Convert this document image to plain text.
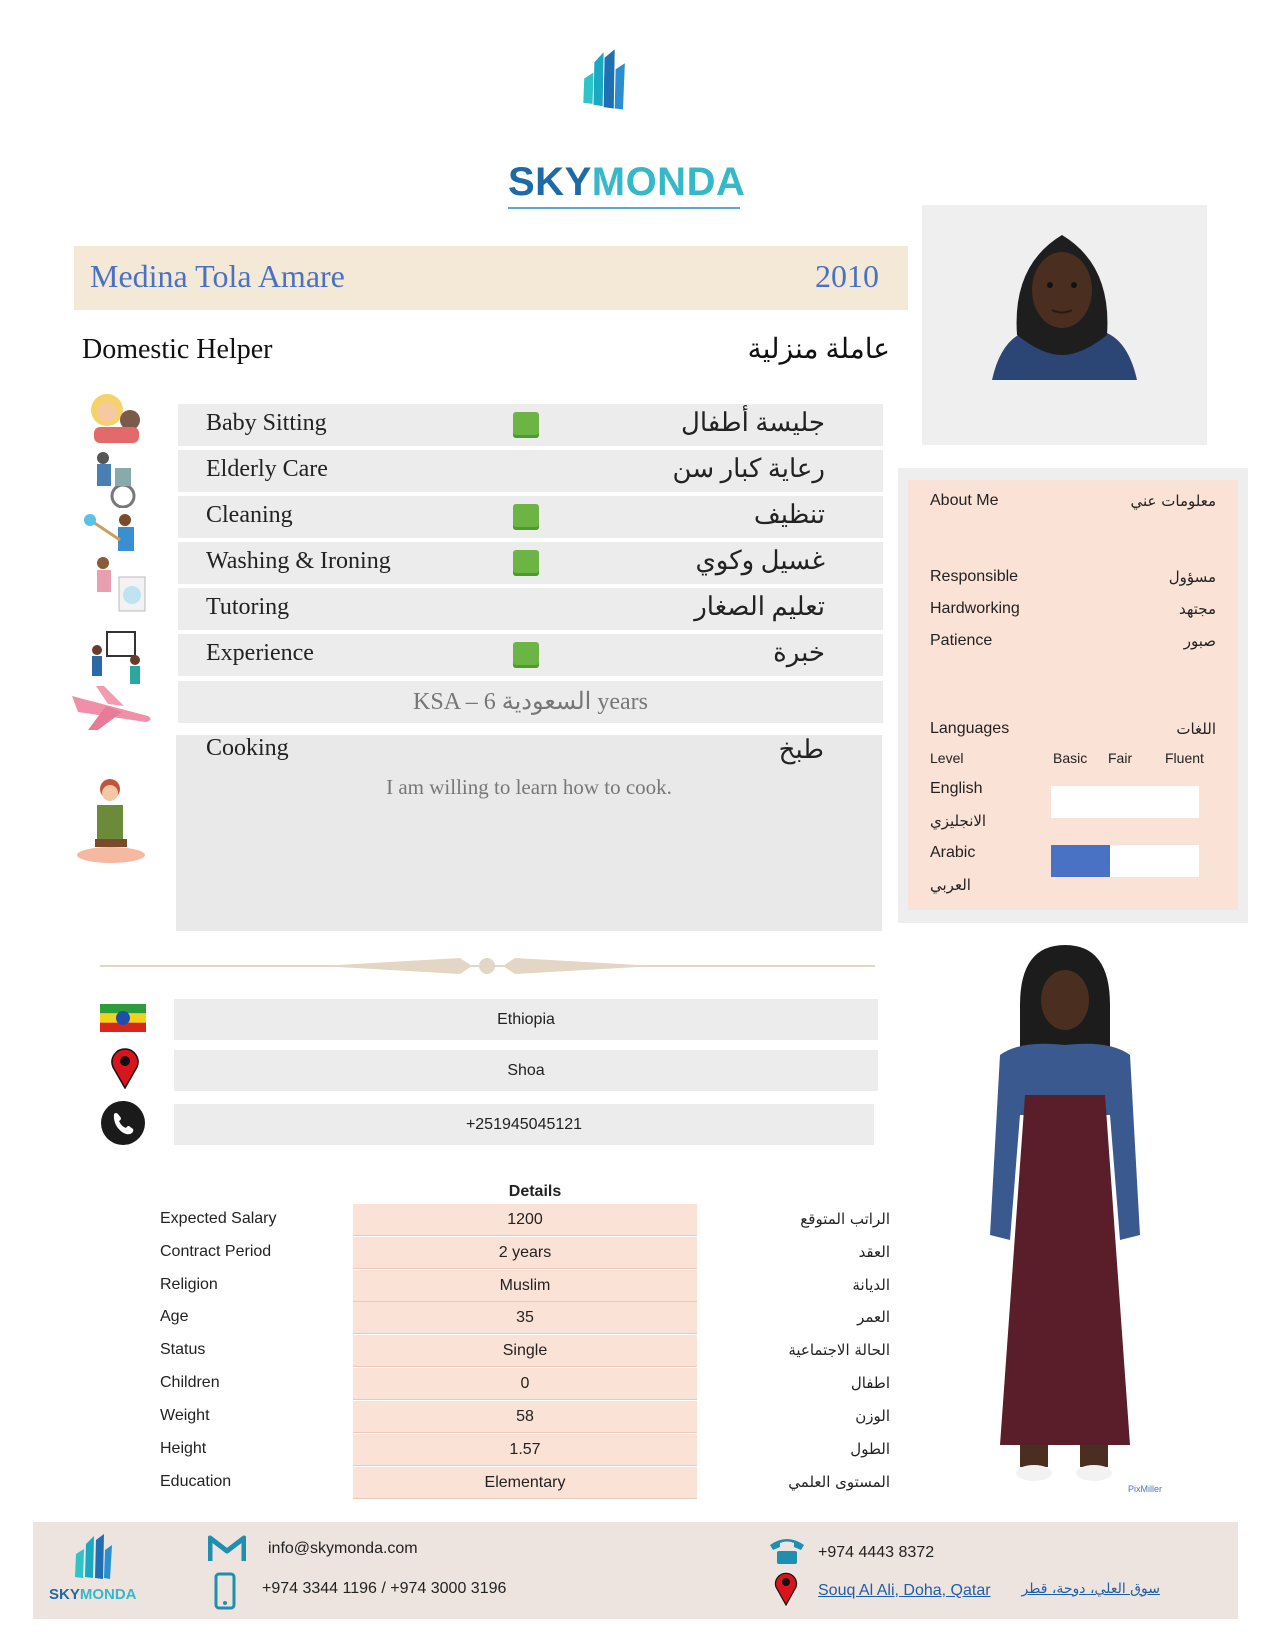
SKYMONDA
Medina Tola Amare	2010
Domestic Helper	عاملة منزلية
Baby Sitting	جليسة أطفال
Elderly Care	رعاية كبار سن
Cleaning	تنظيف
Washing & Ironing	غسيل وكوي
Tutoring	تعليم الصغار
Experience	خبرة
KSA – السعودية 6 years
Cooking	طبخ
I am willing to learn how to cook.
About Me	معلومات عني
Responsible	مسؤول
Hardworking	مجتهد
Patience	صبور
Languages	اللغات
Level	Basic Fair Fluent
English
الانجليزي
Arabic
العربي
Ethiopia
Shoa
+251945045121
Details
Expected Salary	1200	الراتب المتوقع
Contract Period	2 years	العقد
Religion	Muslim	الديانة
Age	35	العمر
Status	Single	الحالة الاجتماعية
Children	0	اطفال
Weight	58	الوزن
Height	1.57	الطول
Education	Elementary	المستوى العلمي	PixMiller
SKYMONDA
info@skymonda.com
+974 3344 1196 / +974 3000 3196
+974 4443 8372
Souq Al Ali, Doha, Qatar سوق العلي، دوحة، قطر
